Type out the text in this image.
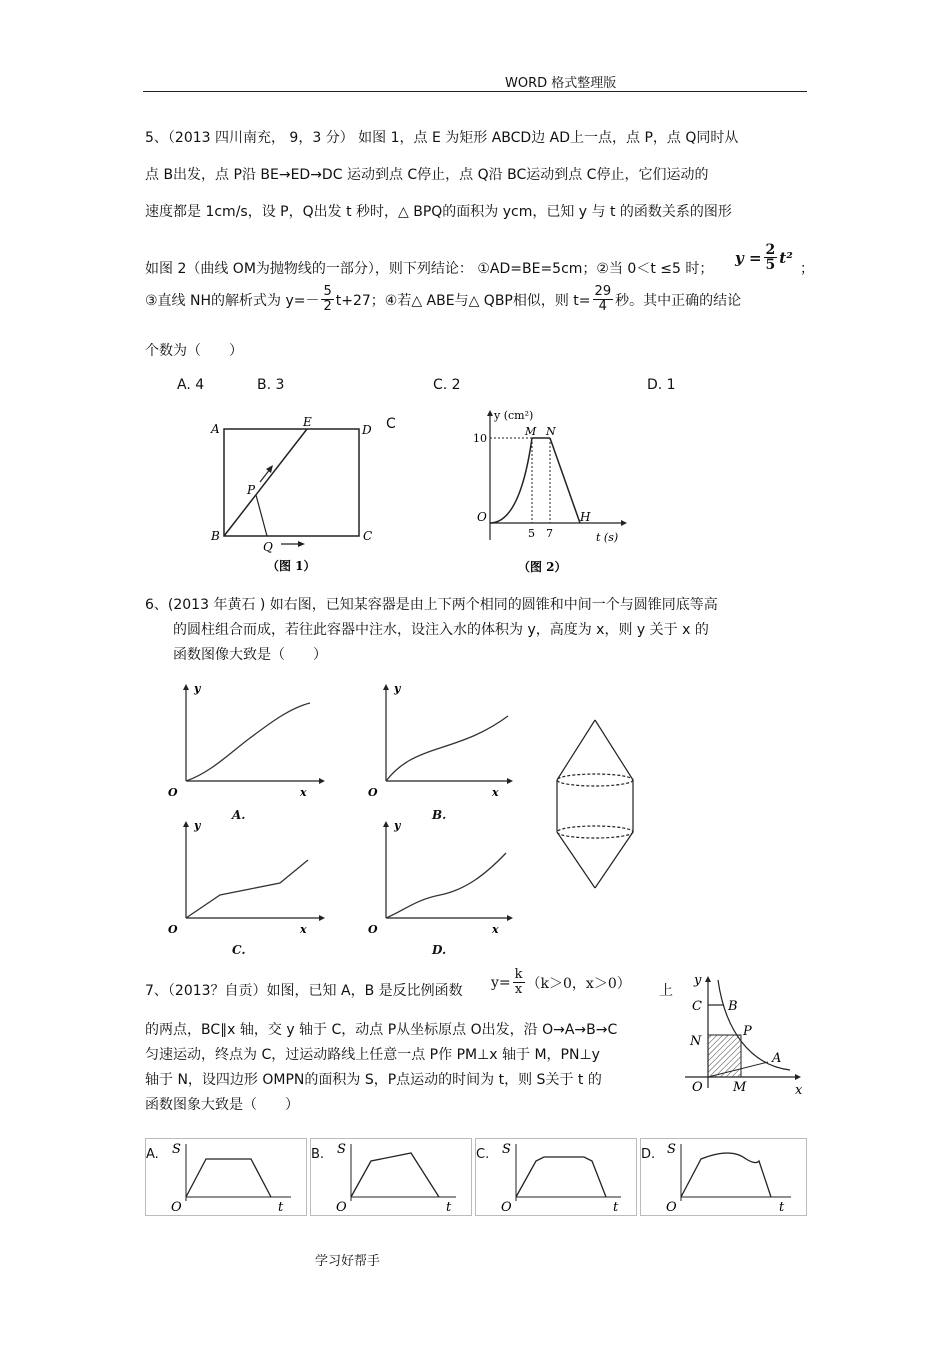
WORD 格式整理版
5、（2013 四川南充， 9，3 分） 如图 1，点 E 为矩形 ABCD边 AD上一点，点 P，点 Q同时从
点 B出发，点 P沿 BE→ED→DC 运动到点 C停止，点 Q沿 BC运动到点 C停止，它们运动的
速度都是 1cm/s，设 P，Q出发 t 秒时，△ BPQ的面积为 ycm，已知 y 与 t 的函数关系的图形
如图 2（曲线 OM为抛物线的一部分），则下列结论： ①AD=BE=5cm；②当 0＜t ≤5 时；
$y = \frac{2}{5} t^2$
；
③直线 NH的解析式为 $y=- \frac{5}{2} t+27$；④若△ ABE与△ QBP相似，则 $t= \frac{29}{4}$ 秒。其中正确的结论
个数为（　　）
A. 4	B. 3	C. 2	D. 1
C
A
B	C
D
E
P
Q
（图 1）
y (cm²)
10
M N
O	H
5 7	t (s)
（图 2）
6、(2013 年黄石 ) 如右图，已知某容器是由上下两个相同的圆锥和中间一个与圆锥同底等高
的圆柱组合而成，若往此容器中注水，设注入水的体积为 y，高度为 x，则 y 关于 x 的
函数图像大致是（　　）
y
x
O
A.
y
x
O
B.
y
x
O
C.
y
x
O
D.
7、（2013？自贡）如图，已知 A，B 是反比例函数
$y= \frac{k}{x} (k>0$，x＞0） 上
的两点，BC∥x 轴，交 y 轴于 C，动点 P从坐标原点 O出发，沿 O→A→B→C
匀速运动，终点为 C，过运动路线上任意一点 P作 PM⊥x 轴于 M，PN⊥y
轴于 N，设四边形 OMPN的面积为 S，P点运动的时间为 t，则 S关于 t 的
函数图象大致是（　　）
y
x
C B
N
P
A
O M
A. S
O	t
B. S
O	t
C. S
O	t
D. S
O	t
学习好帮手
